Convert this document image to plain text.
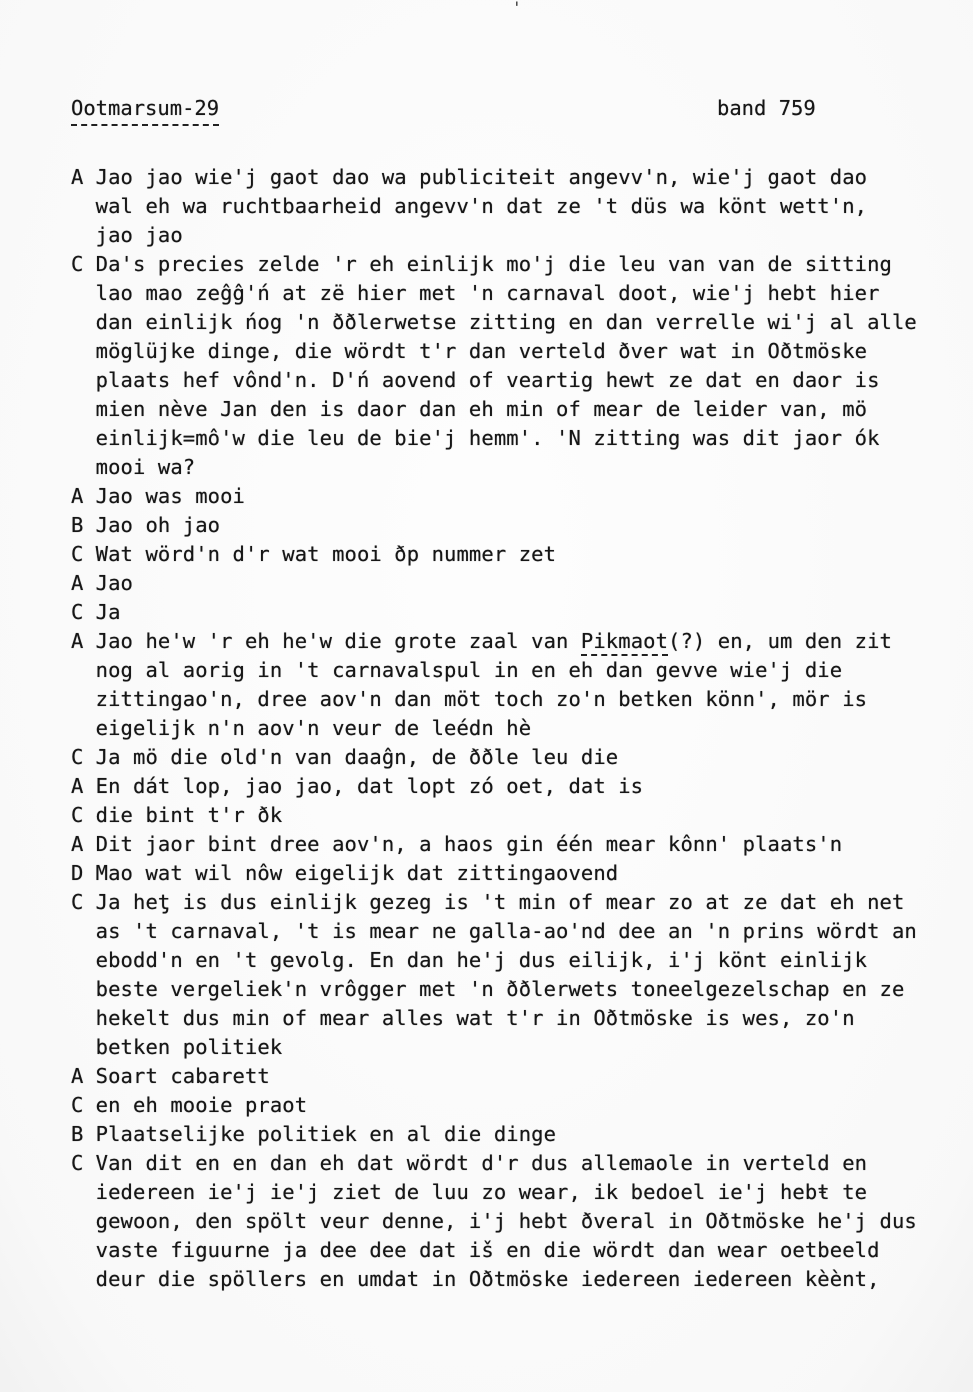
'
Ootmarsum-29	band 759
A Jao jao wie'j gaot dao wa publiciteit angevv'n, wie'j gaot dao
wal eh wa ruchtbaarheid angevv'n dat ze 't düs wa könt wett'n,
jao jao
C Da's precies zelde 'r eh einlijk mo'j die leu van van de sitting
lao mao zeĝĝ'ń at zë hier met 'n carnaval doot, wie'j hebt hier
dan einlijk ńog 'n ððlerwetse zitting en dan verrelle wi'j al alle
möglüjke dinge, die wördt t'r dan verteld ðver wat in Oðtmöske
plaats hef vônd'n. D'ń aovend of veartig hewt ze dat en daor is
mien nève Jan den is daor dan eh min of mear de leider van, mö
einlijk=mô'w die leu de bie'j hemm'. 'N zitting was dit jaor ók
mooi wa?
A Jao was mooi
B Jao oh jao
C Wat wörd'n d'r wat mooi ðp nummer zet
A Jao
C Ja
A Jao he'w 'r eh he'w die grote zaal van Pikmaot(?) en, um den zit
nog al aorig in 't carnavalspul in en eh dan gevve wie'j die
zittingao'n, dree aov'n dan möt toch zo'n betken könn', mör is
eigelijk n'n aov'n veur de leédn hè
C Ja mö die old'n van daaĝn, de ððle leu die
A En dát lop, jao jao, dat lopt zó oet, dat is
C die bint t'r ðk
A Dit jaor bint dree aov'n, a haos gin één mear kônn' plaats'n
D Mao wat wil nôw eigelijk dat zittingaovend
C Ja heƫ is dus einlijk gezeg is 't min of mear zo at ze dat eh net
as 't carnaval, 't is mear ne galla-ao'nd dee an 'n prins wördt an
ebodd'n en 't gevolg. En dan he'j dus eilijk, i'j könt einlijk
beste vergeliek'n vrôgger met 'n ððlerwets toneelgezelschap en ze
hekelt dus min of mear alles wat t'r in Oðtmöske is wes, zo'n
betken politiek
A Soart cabarett
C en eh mooie praot
B Plaatselijke politiek en al die dinge
C Van dit en en dan eh dat wördt d'r dus allemaole in verteld en
iedereen ie'j ie'j ziet de luu zo wear, ik bedoel ie'j hebŧ te
gewoon, den spölt veur denne, i'j hebt ðveral in Oðtmöske he'j dus
vaste figuurne ja dee dee dat iš en die wördt dan wear oetbeeld
deur die spöllers en umdat in Oðtmöske iedereen iedereen kèènt,
